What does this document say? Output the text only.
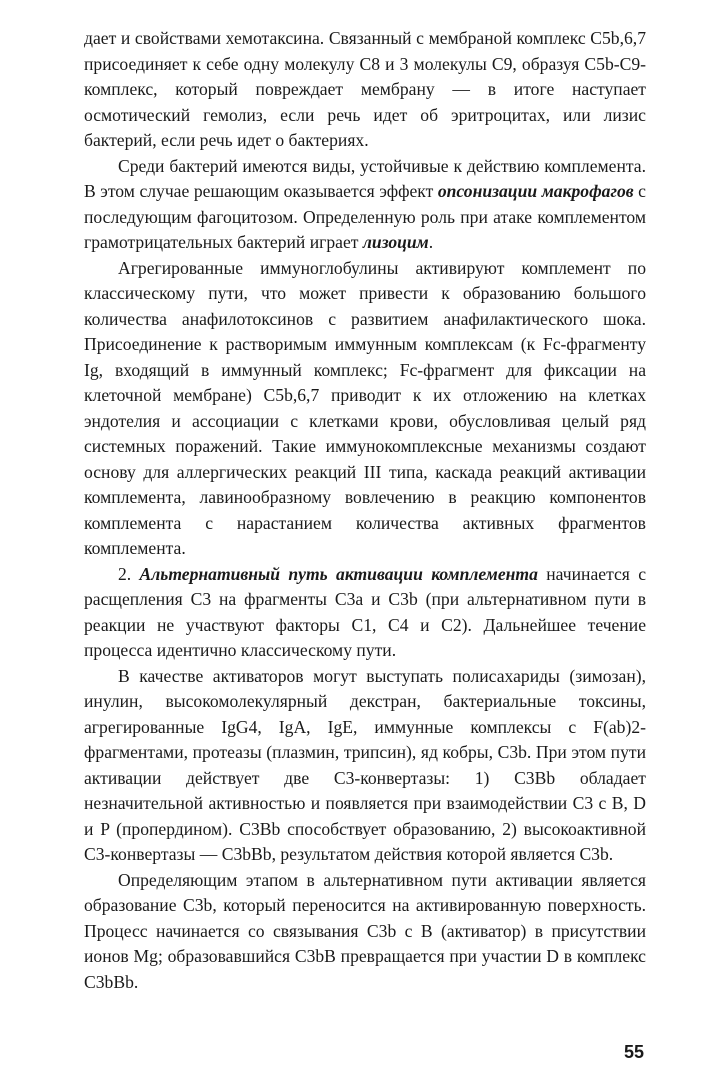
дает и свойствами хемотаксина. Связанный с мембраной комплекс C5b,6,7 присоединяет к себе одну молекулу C8 и 3 молекулы C9, образуя C5b-C9-комплекс, который повреждает мембрану — в итоге наступает осмотический гемолиз, если речь идет об эритроцитах, или лизис бактерий, если речь идет о бактериях.

Среди бактерий имеются виды, устойчивые к действию комплемента. В этом случае решающим оказывается эффект опсонизации макрофагов с последующим фагоцитозом. Определенную роль при атаке комплементом грамотрицательных бактерий играет лизоцим.

Агрегированные иммуноглобулины активируют комплемент по классическому пути, что может привести к образованию большого количества анафилотоксинов с развитием анафилактического шока. Присоединение к растворимым иммунным комплексам (к Fc-фрагменту Ig, входящий в иммунный комплекс; Fc-фрагмент для фиксации на клеточной мембране) C5b,6,7 приводит к их отложению на клетках эндотелия и ассоциации с клетками крови, обусловливая целый ряд системных поражений. Такие иммунокомплексные механизмы создают основу для аллергических реакций III типа, каскада реакций активации комплемента, лавинообразному вовлечению в реакцию компонентов комплемента с нарастанием количества активных фрагментов комплемента.

2. Альтернативный путь активации комплемента начинается с расщепления C3 на фрагменты C3a и C3b (при альтернативном пути в реакции не участвуют факторы C1, C4 и C2). Дальнейшее течение процесса идентично классическому пути.

В качестве активаторов могут выступать полисахариды (зимозан), инулин, высокомолекулярный декстран, бактериальные токсины, агрегированные IgG4, IgA, IgE, иммунные комплексы с F(ab)2-фрагментами, протеазы (плазмин, трипсин), яд кобры, C3b. При этом пути активации действует две C3-конвертазы: 1) C3Bb обладает незначительной активностью и появляется при взаимодействии C3 с B, D и P (пропердином). C3Bb способствует образованию, 2) высокоактивной C3-конвертазы — C3bBb, результатом действия которой является C3b.

Определяющим этапом в альтернативном пути активации является образование C3b, который переносится на активированную поверхность. Процесс начинается со связывания C3b с B (активатор) в присутствии ионов Mg; образовавшийся C3bB превращается при участии D в комплекс C3bBb.

55
